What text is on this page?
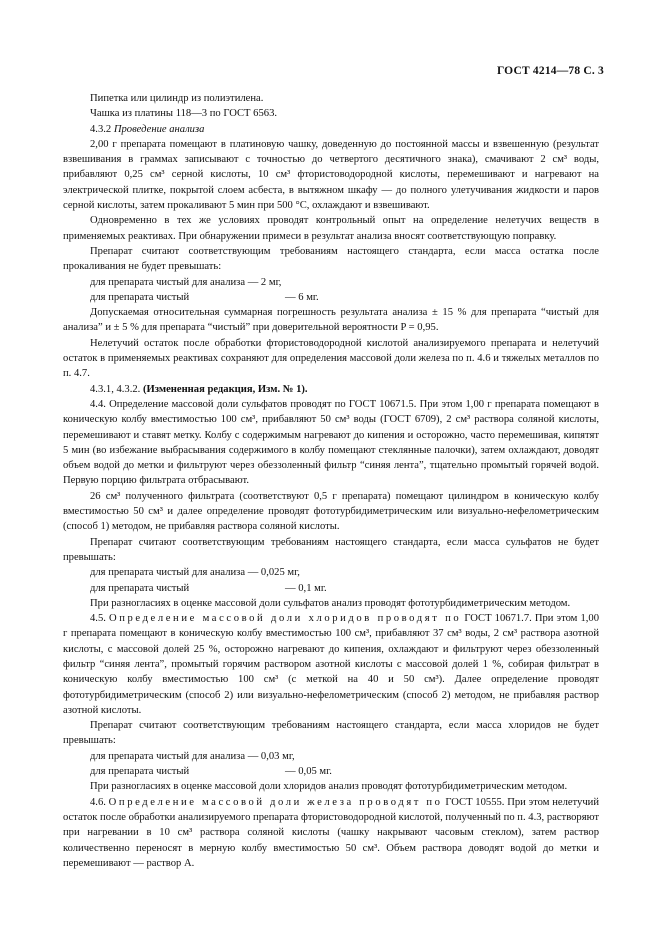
ГОСТ 4214—78 С. 3

Пипетка или цилиндр из полиэтилена.

Чашка из платины 118—3 по ГОСТ 6563.

4.3.2 Проведение анализа

2,00 г препарата помещают в платиновую чашку, доведенную до постоянной массы и взвешенную (результат взвешивания в граммах записывают с точностью до четвертого десятичного знака), смачивают 2 см³ воды, прибавляют 0,25 см³ серной кислоты, 10 см³ фтористоводородной кислоты, перемешивают и нагревают на электрической плитке, покрытой слоем асбеста, в вытяжном шкафу — до полного улетучивания жидкости и паров серной кислоты, затем прокаливают 5 мин при 500 °С, охлаждают и взвешивают.

Одновременно в тех же условиях проводят контрольный опыт на определение нелетучих веществ в применяемых реактивах. При обнаружении примеси в результат анализа вносят соответствующую поправку.

Препарат считают соответствующим требованиям настоящего стандарта, если масса остатка после прокаливания не будет превышать:

для препарата чистый для анализа — 2 мг,
для препарата чистый	— 6 мг.

Допускаемая относительная суммарная погрешность результата анализа ± 15 % для препарата “чистый для анализа” и ± 5 % для препарата “чистый” при доверительной вероятности P = 0,95.

Нелетучий остаток после обработки фтористоводородной кислотой анализируемого препарата и нелетучий остаток в применяемых реактивах сохраняют для определения массовой доли железа по п. 4.6 и тяжелых металлов по п. 4.7.

4.3.1, 4.3.2. (Измененная редакция, Изм. № 1).

4.4. Определение массовой доли сульфатов проводят по ГОСТ 10671.5. При этом 1,00 г препарата помещают в коническую колбу вместимостью 100 см³, прибавляют 50 см³ воды (ГОСТ 6709), 2 см³ раствора соляной кислоты, перемешивают и ставят метку. Колбу с содержимым нагревают до кипения и осторожно, часто перемешивая, кипятят 5 мин (во избежание выбрасывания содержимого в колбу помещают стеклянные палочки), затем охлаждают, доводят объем водой до метки и фильтруют через обеззоленный фильтр “синяя лента”, тщательно промытый горячей водой. Первую порцию фильтрата отбрасывают.

26 см³ полученного фильтрата (соответствуют 0,5 г препарата) помещают цилиндром в коническую колбу вместимостью 50 см³ и далее определение проводят фототурбидиметрическим или визуально-нефелометрическим (способ 1) методом, не прибавляя раствора соляной кислоты.

Препарат считают соответствующим требованиям настоящего стандарта, если масса сульфатов не будет превышать:

для препарата чистый для анализа — 0,025 мг,
для препарата чистый	— 0,1 мг.

При разногласиях в оценке массовой доли сульфатов анализ проводят фототурбидиметрическим методом.

4.5. Определение массовой доли хлоридов проводят по ГОСТ 10671.7. При этом 1,00 г препарата помещают в коническую колбу вместимостью 100 см³, прибавляют 37 см³ воды, 2 см³ раствора азотной кислоты, с массовой долей 25 %, осторожно нагревают до кипения, охлаждают и фильтруют через обеззоленный фильтр “синяя лента”, промытый горячим раствором азотной кислоты с массовой долей 1 %, собирая фильтрат в коническую колбу вместимостью 100 см³ (с меткой на 40 и 50 см³). Далее определение проводят фототурбидиметрическим (способ 2) или визуально-нефелометрическим (способ 2) методом, не прибавляя раствор азотной кислоты.

Препарат считают соответствующим требованиям настоящего стандарта, если масса хлоридов не будет превышать:

для препарата чистый для анализа — 0,03 мг,
для препарата чистый	— 0,05 мг.

При разногласиях в оценке массовой доли хлоридов анализ проводят фототурбидиметрическим методом.

4.6. Определение массовой доли железа проводят по ГОСТ 10555. При этом нелетучий остаток после обработки анализируемого препарата фтористоводородной кислотой, полученный по п. 4.3, растворяют при нагревании в 10 см³ раствора соляной кислоты (чашку накрывают часовым стеклом), затем раствор количественно переносят в мерную колбу вместимостью 50 см³. Объем раствора доводят водой до метки и перемешивают — раствор А.
